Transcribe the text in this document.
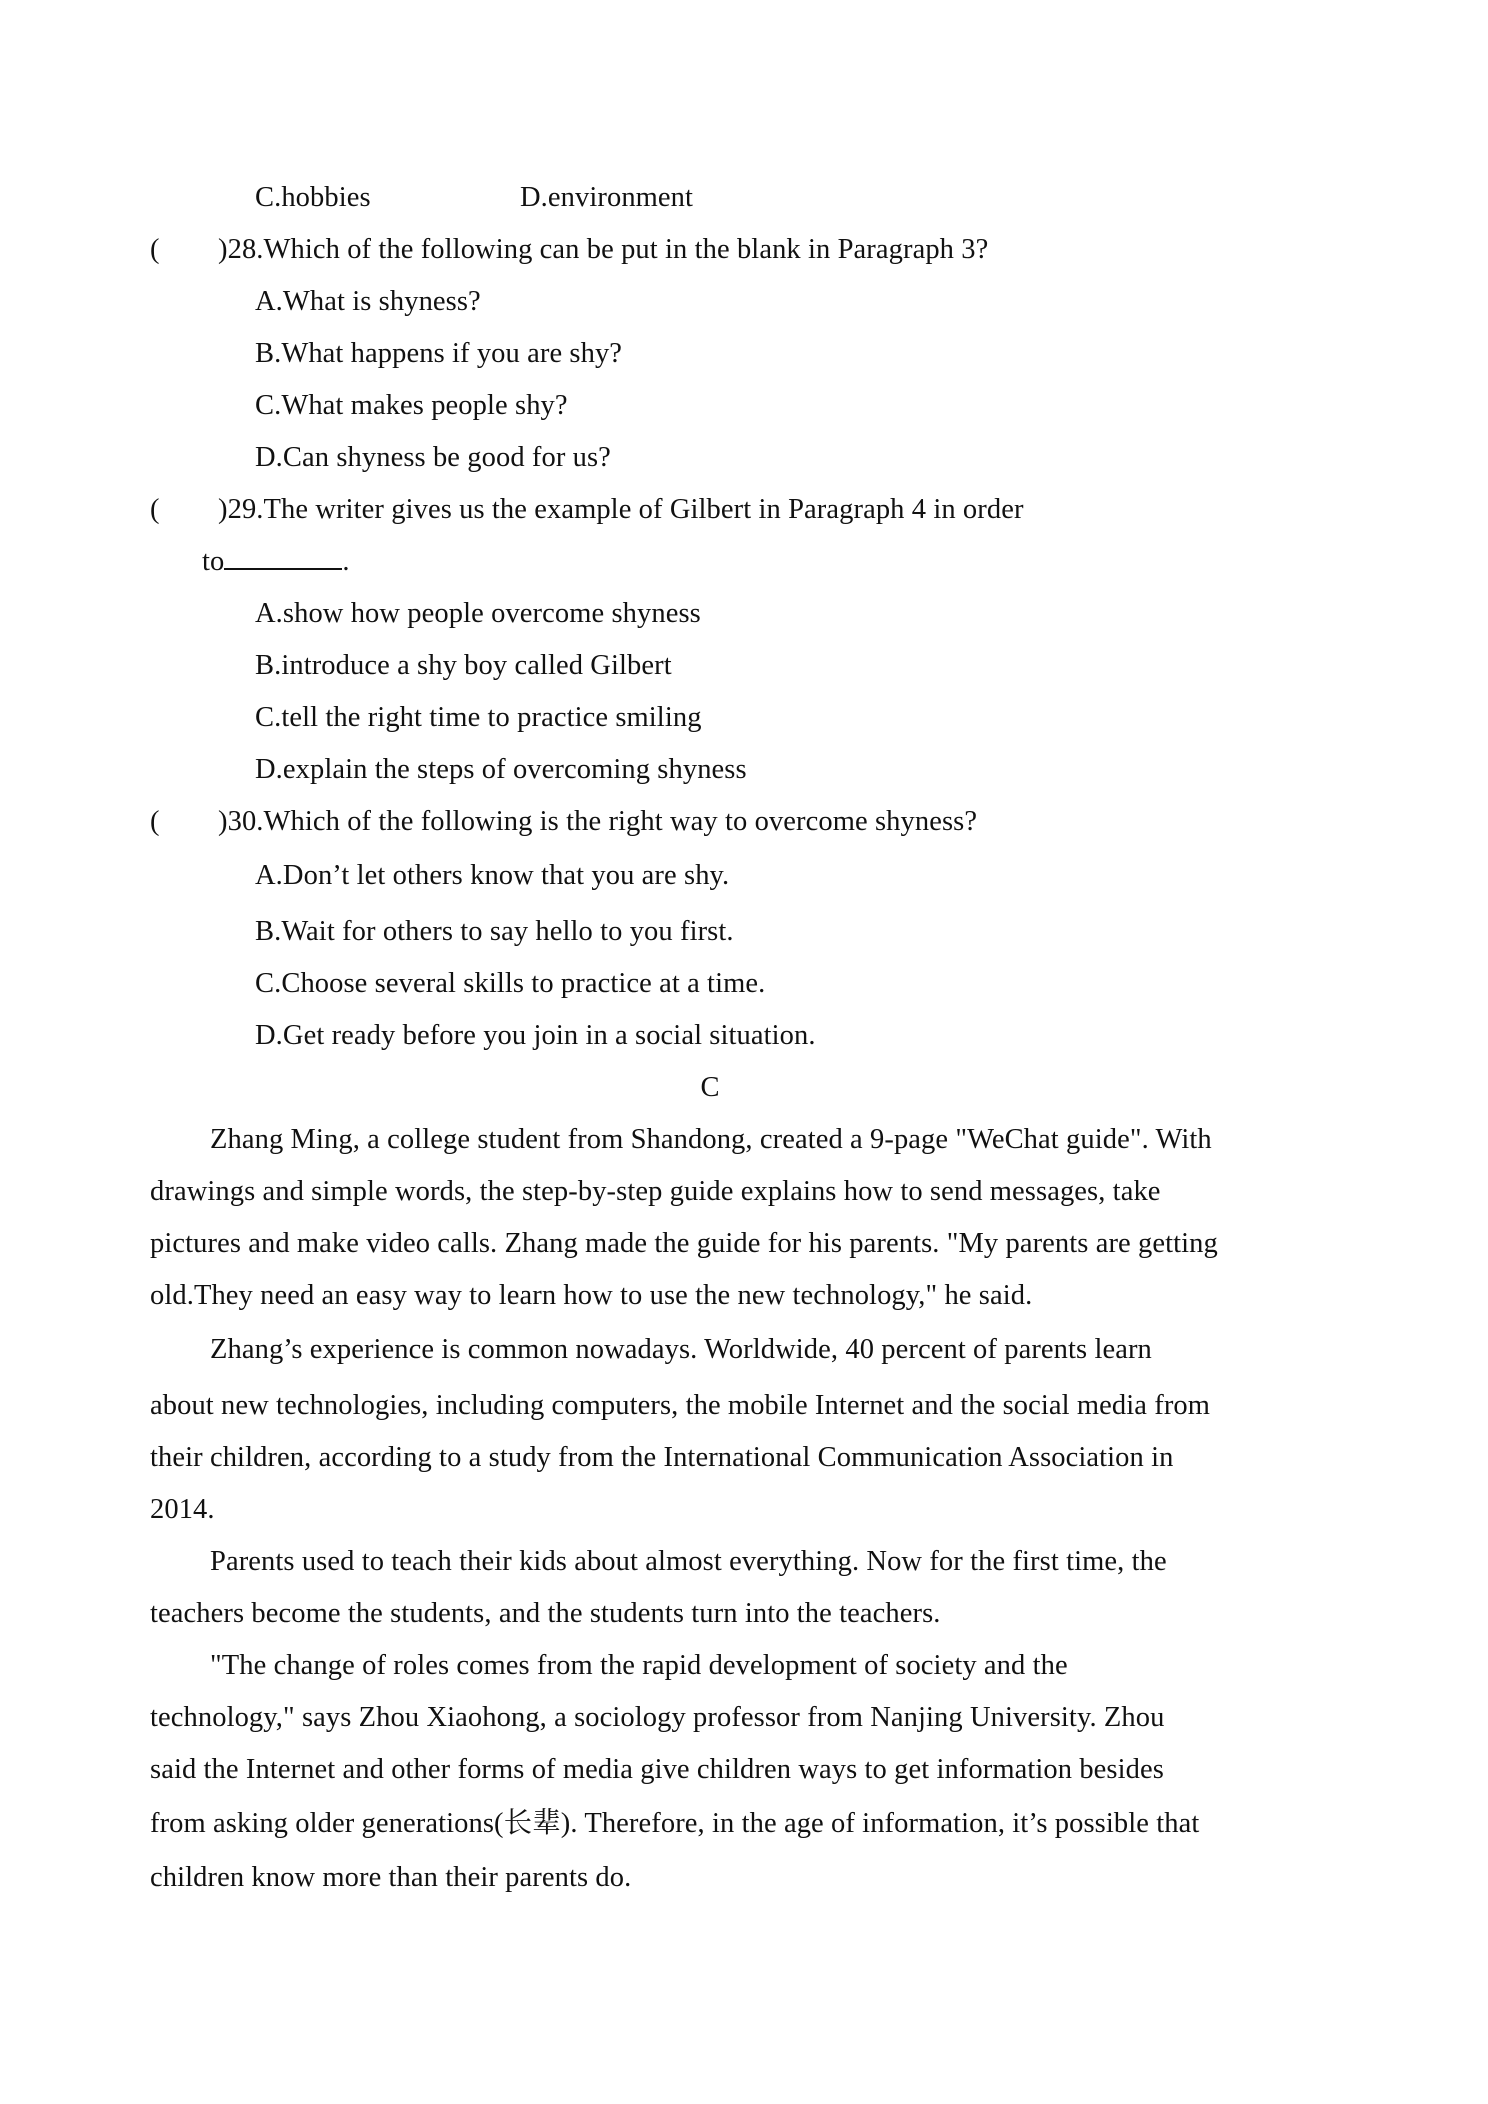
C.hobbies	D.environment
( )28.Which of the following can be put in the blank in Paragraph 3?
A.What is shyness?
B.What happens if you are shy?
C.What makes people shy?
D.Can shyness be good for us?
( )29.The writer gives us the example of Gilbert in Paragraph 4 in order
to	.
A.show how people overcome shyness
B.introduce a shy boy called Gilbert
C.tell the right time to practice smiling
D.explain the steps of overcoming shyness
( )30.Which of the following is the right way to overcome shyness?
A.Don’t let others know that you are shy.
B.Wait for others to say hello to you first.
C.Choose several skills to practice at a time.
D.Get ready before you join in a social situation.
C
Zhang Ming, a college student from Shandong, created a 9-page "WeChat guide". With
drawings and simple words, the step-by-step guide explains how to send messages, take
pictures and make video calls. Zhang made the guide for his parents. "My parents are getting
old.They need an easy way to learn how to use the new technology," he said.
Zhang’s experience is common nowadays. Worldwide, 40 percent of parents learn
about new technologies, including computers, the mobile Internet and the social media from
their children, according to a study from the International Communication Association in
2014.
Parents used to teach their kids about almost everything. Now for the first time, the
teachers become the students, and the students turn into the teachers.
"The change of roles comes from the rapid development of society and the
technology," says Zhou Xiaohong, a sociology professor from Nanjing University. Zhou
said the Internet and other forms of media give children ways to get information besides
from asking older generations(长辈). Therefore, in the age of information, it’s possible that
children know more than their parents do.
